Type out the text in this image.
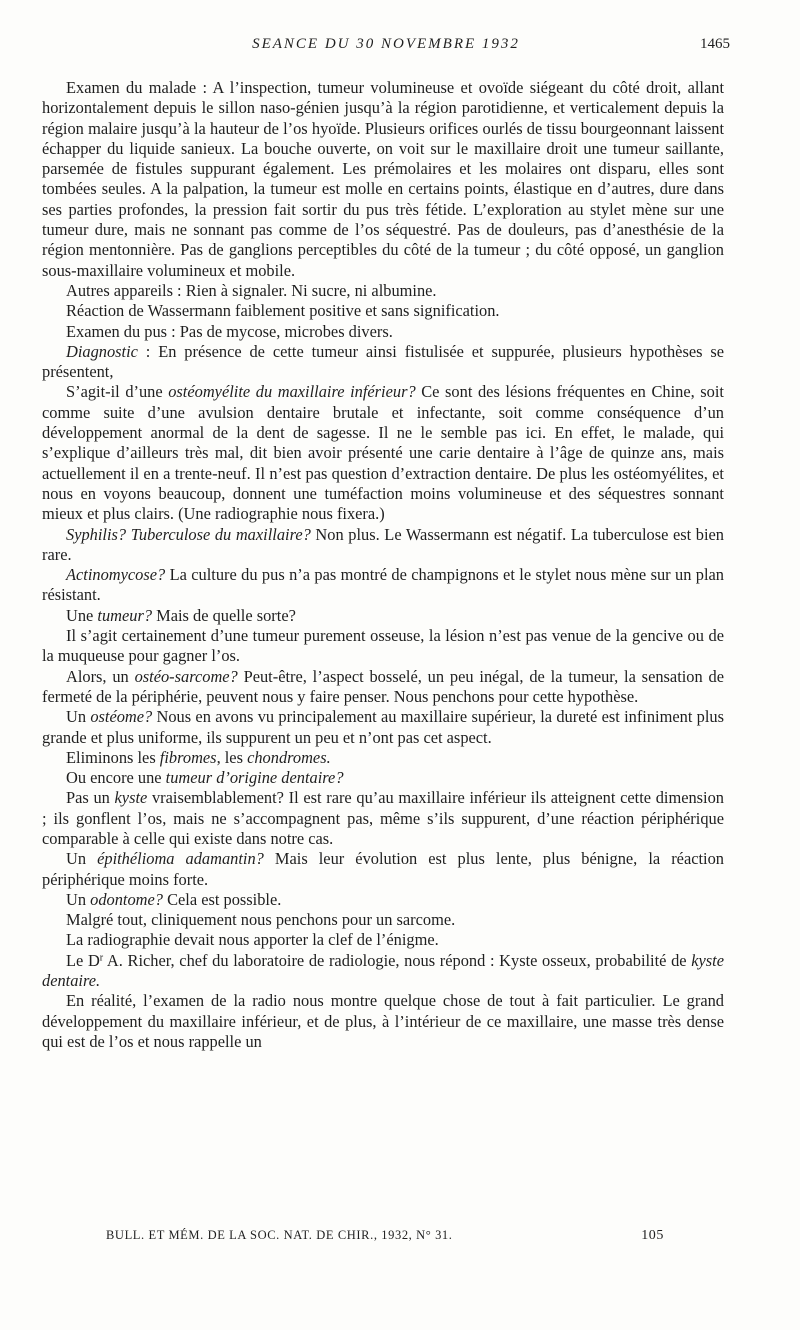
SEANCE DU 30 NOVEMBRE 1932	1465

Examen du malade : A l’inspection, tumeur volumineuse et ovoïde siégeant du côté droit, allant horizontalement depuis le sillon naso-génien jusqu’à la région parotidienne, et verticalement depuis la région malaire jusqu’à la hauteur de l’os hyoïde. Plusieurs orifices ourlés de tissu bourgeonnant laissent échapper du liquide sanieux. La bouche ouverte, on voit sur le maxillaire droit une tumeur saillante, parsemée de fistules suppurant également. Les prémolaires et les molaires ont disparu, elles sont tombées seules. A la palpation, la tumeur est molle en certains points, élastique en d’autres, dure dans ses parties profondes, la pression fait sortir du pus très fétide. L’exploration au stylet mène sur une tumeur dure, mais ne sonnant pas comme de l’os séquestré. Pas de douleurs, pas d’anesthésie de la région mentonnière. Pas de ganglions perceptibles du côté de la tumeur ; du côté opposé, un ganglion sous-maxillaire volumineux et mobile.

Autres appareils : Rien à signaler. Ni sucre, ni albumine.

Réaction de Wassermann faiblement positive et sans signification.

Examen du pus : Pas de mycose, microbes divers.

Diagnostic : En présence de cette tumeur ainsi fistulisée et suppurée, plusieurs hypothèses se présentent,

S’agit-il d’une ostéomyélite du maxillaire inférieur? Ce sont des lésions fréquentes en Chine, soit comme suite d’une avulsion dentaire brutale et infectante, soit comme conséquence d’un développement anormal de la dent de sagesse. Il ne le semble pas ici. En effet, le malade, qui s’explique d’ailleurs très mal, dit bien avoir présenté une carie dentaire à l’âge de quinze ans, mais actuellement il en a trente-neuf. Il n’est pas question d’extraction dentaire. De plus les ostéomyélites, et nous en voyons beaucoup, donnent une tuméfaction moins volumineuse et des séquestres sonnant mieux et plus clairs. (Une radiographie nous fixera.)

Syphilis? Tuberculose du maxillaire? Non plus. Le Wassermann est négatif. La tuberculose est bien rare.

Actinomycose? La culture du pus n’a pas montré de champignons et le stylet nous mène sur un plan résistant.

Une tumeur? Mais de quelle sorte?

Il s’agit certainement d’une tumeur purement osseuse, la lésion n’est pas venue de la gencive ou de la muqueuse pour gagner l’os.

Alors, un ostéo-sarcome? Peut-être, l’aspect bosselé, un peu inégal, de la tumeur, la sensation de fermeté de la périphérie, peuvent nous y faire penser. Nous penchons pour cette hypothèse.

Un ostéome? Nous en avons vu principalement au maxillaire supérieur, la dureté est infiniment plus grande et plus uniforme, ils suppurent un peu et n’ont pas cet aspect.

Eliminons les fibromes, les chondromes.

Ou encore une tumeur d’origine dentaire?

Pas un kyste vraisemblablement? Il est rare qu’au maxillaire inférieur ils atteignent cette dimension ; ils gonflent l’os, mais ne s’accompagnent pas, même s’ils suppurent, d’une réaction périphérique comparable à celle qui existe dans notre cas.

Un épithélioma adamantin? Mais leur évolution est plus lente, plus bénigne, la réaction périphérique moins forte.

Un odontome? Cela est possible.

Malgré tout, cliniquement nous penchons pour un sarcome.

La radiographie devait nous apporter la clef de l’énigme.

Le $D^r$ A. Richer, chef du laboratoire de radiologie, nous répond : Kyste osseux, probabilité de kyste dentaire.

En réalité, l’examen de la radio nous montre quelque chose de tout à fait particulier. Le grand développement du maxillaire inférieur, et de plus, à l’intérieur de ce maxillaire, une masse très dense qui est de l’os et nous rappelle un

BULL. ET MÉM. DE LA SOC. NAT. DE CHIR., 1932, N° 31.	105
